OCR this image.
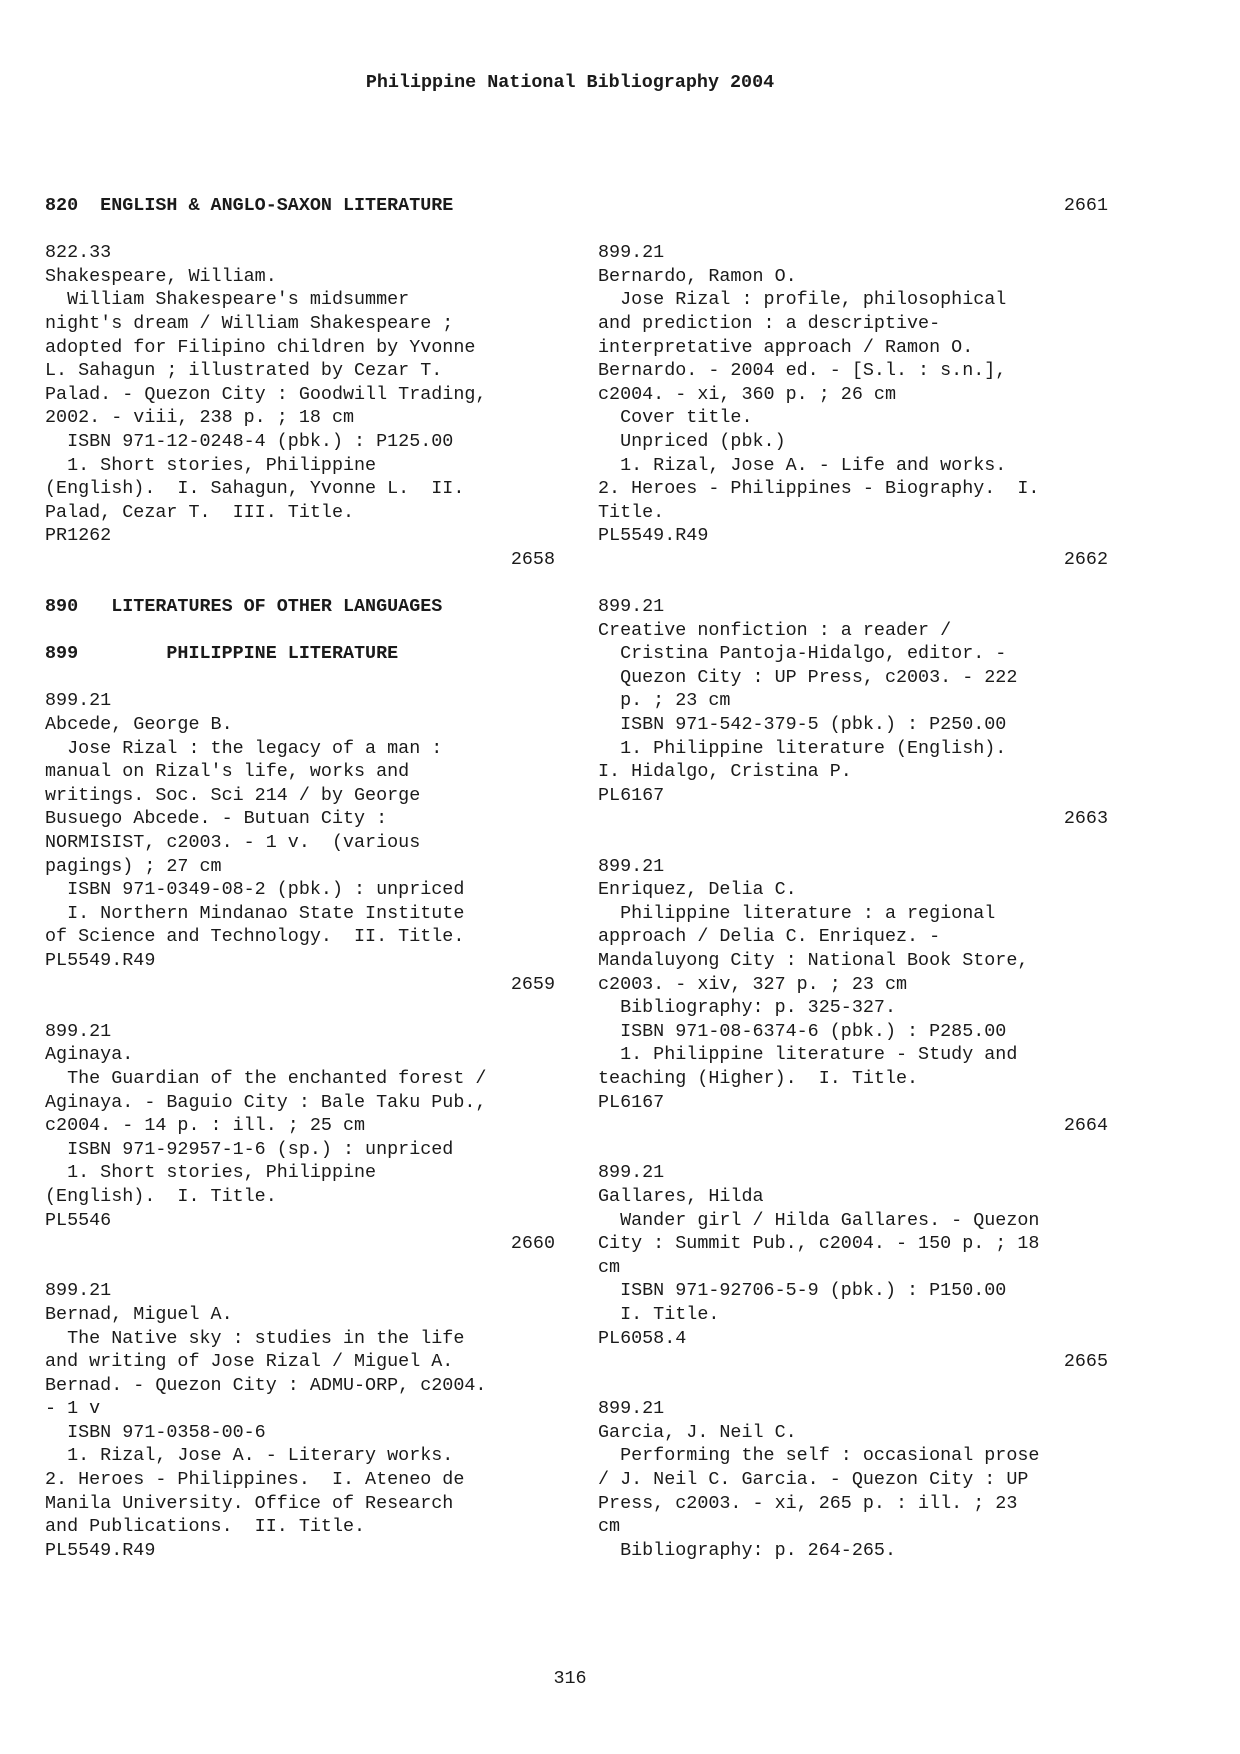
Philippine National Bibliography 2004
820  ENGLISH & ANGLO-SAXON LITERATURE
822.33
Shakespeare, William.
William Shakespeare's midsummer
night's dream / William Shakespeare ;
adopted for Filipino children by Yvonne
L. Sahagun ; illustrated by Cezar T.
Palad. - Quezon City : Goodwill Trading,
2002. - viii, 238 p. ; 18 cm
ISBN 971-12-0248-4 (pbk.) : P125.00
1. Short stories, Philippine
(English).  I. Sahagun, Yvonne L.  II.
Palad, Cezar T.  III. Title.
PR1262
2658
890   LITERATURES OF OTHER LANGUAGES
899        PHILIPPINE LITERATURE
899.21
Abcede, George B.
Jose Rizal : the legacy of a man :
manual on Rizal's life, works and
writings. Soc. Sci 214 / by George
Busuego Abcede. - Butuan City :
NORMISIST, c2003. - 1 v.  (various
pagings) ; 27 cm
ISBN 971-0349-08-2 (pbk.) : unpriced
I. Northern Mindanao State Institute
of Science and Technology.  II. Title.
PL5549.R49
2659
899.21
Aginaya.
The Guardian of the enchanted forest /
Aginaya. - Baguio City : Bale Taku Pub.,
c2004. - 14 p. : ill. ; 25 cm
ISBN 971-92957-1-6 (sp.) : unpriced
1. Short stories, Philippine
(English).  I. Title.
PL5546
2660
899.21
Bernad, Miguel A.
The Native sky : studies in the life
and writing of Jose Rizal / Miguel A.
Bernad. - Quezon City : ADMU-ORP, c2004.
- 1 v
ISBN 971-0358-00-6
1. Rizal, Jose A. - Literary works.
2. Heroes - Philippines.  I. Ateneo de
Manila University. Office of Research
and Publications.  II. Title.
PL5549.R49
2661
899.21
Bernardo, Ramon O.
Jose Rizal : profile, philosophical
and prediction : a descriptive-
interpretative approach / Ramon O.
Bernardo. - 2004 ed. - [S.l. : s.n.],
c2004. - xi, 360 p. ; 26 cm
Cover title.
Unpriced (pbk.)
1. Rizal, Jose A. - Life and works.
2. Heroes - Philippines - Biography.  I.
Title.
PL5549.R49
2662
899.21
Creative nonfiction : a reader /
Cristina Pantoja-Hidalgo, editor. -
Quezon City : UP Press, c2003. - 222
p. ; 23 cm
ISBN 971-542-379-5 (pbk.) : P250.00
1. Philippine literature (English).
I. Hidalgo, Cristina P.
PL6167
2663
899.21
Enriquez, Delia C.
Philippine literature : a regional
approach / Delia C. Enriquez. -
Mandaluyong City : National Book Store,
c2003. - xiv, 327 p. ; 23 cm
Bibliography: p. 325-327.
ISBN 971-08-6374-6 (pbk.) : P285.00
1. Philippine literature - Study and
teaching (Higher).  I. Title.
PL6167
2664
899.21
Gallares, Hilda
Wander girl / Hilda Gallares. - Quezon
City : Summit Pub., c2004. - 150 p. ; 18
cm
ISBN 971-92706-5-9 (pbk.) : P150.00
I. Title.
PL6058.4
2665
899.21
Garcia, J. Neil C.
Performing the self : occasional prose
/ J. Neil C. Garcia. - Quezon City : UP
Press, c2003. - xi, 265 p. : ill. ; 23
cm
Bibliography: p. 264-265.
316
